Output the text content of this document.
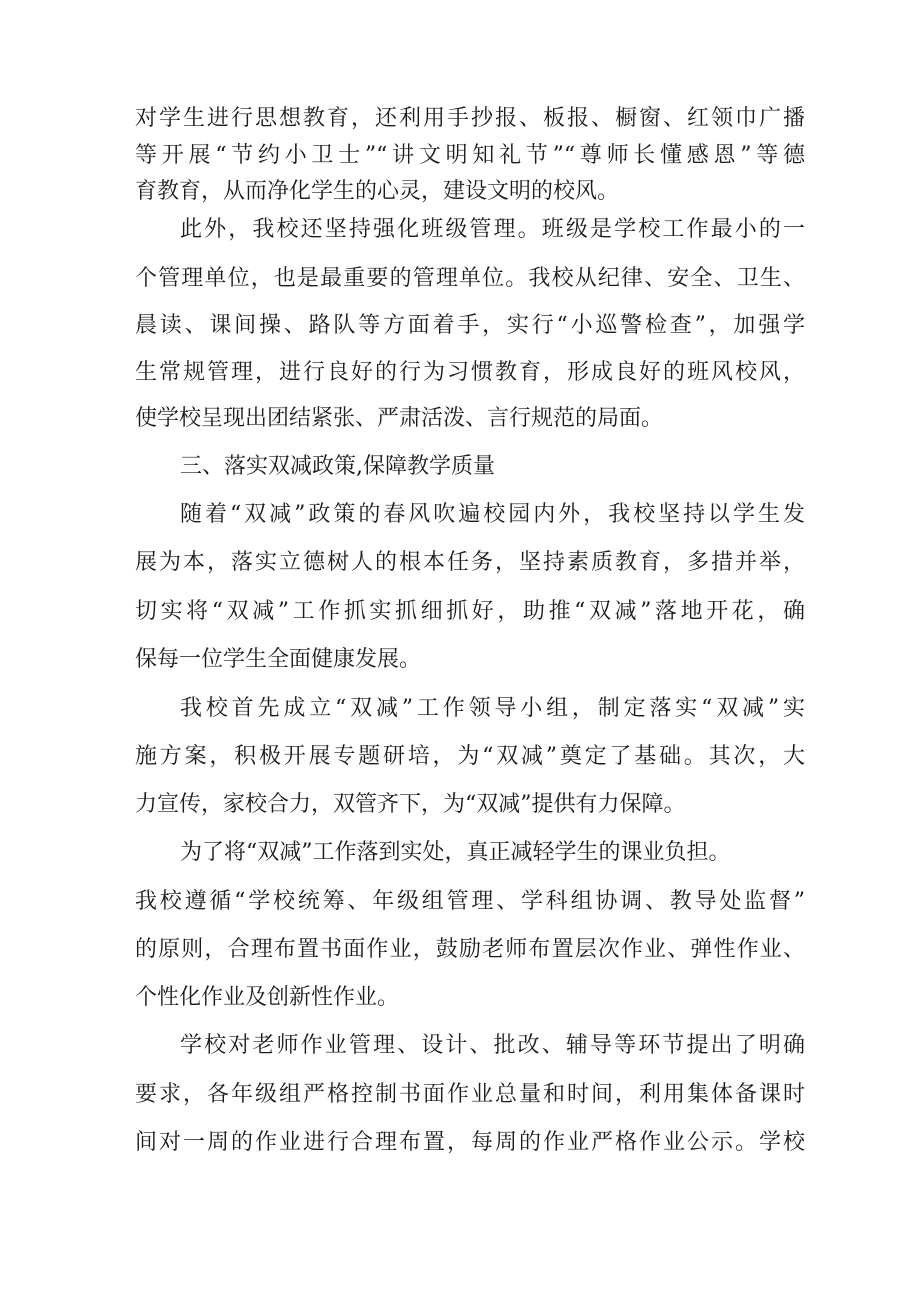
对学生进行思想教育，还利用手抄报、板报、橱窗、红领巾广播
等开展“节约小卫士”“讲文明知礼节”“尊师长懂感恩”等德
育教育，从而净化学生的心灵，建设文明的校风。
此外，我校还坚持强化班级管理。班级是学校工作最小的一
个管理单位，也是最重要的管理单位。我校从纪律、安全、卫生、
晨读、课间操、路队等方面着手，实行“小巡警检查”，加强学
生常规管理，进行良好的行为习惯教育，形成良好的班风校风，
使学校呈现出团结紧张、严肃活泼、言行规范的局面。
三、落实双减政策,保障教学质量
随着“双减”政策的春风吹遍校园内外，我校坚持以学生发
展为本，落实立德树人的根本任务，坚持素质教育，多措并举，
切实将“双减”工作抓实抓细抓好，助推“双减”落地开花，确
保每一位学生全面健康发展。
我校首先成立“双减”工作领导小组，制定落实“双减”实
施方案，积极开展专题研培，为“双减”奠定了基础。其次，大
力宣传，家校合力，双管齐下，为“双减”提供有力保障。
为了将“双减”工作落到实处，真正减轻学生的课业负担。
我校遵循“学校统筹、年级组管理、学科组协调、教导处监督”
的原则，合理布置书面作业，鼓励老师布置层次作业、弹性作业、
个性化作业及创新性作业。
学校对老师作业管理、设计、批改、辅导等环节提出了明确
要求，各年级组严格控制书面作业总量和时间，利用集体备课时
间对一周的作业进行合理布置，每周的作业严格作业公示。学校
